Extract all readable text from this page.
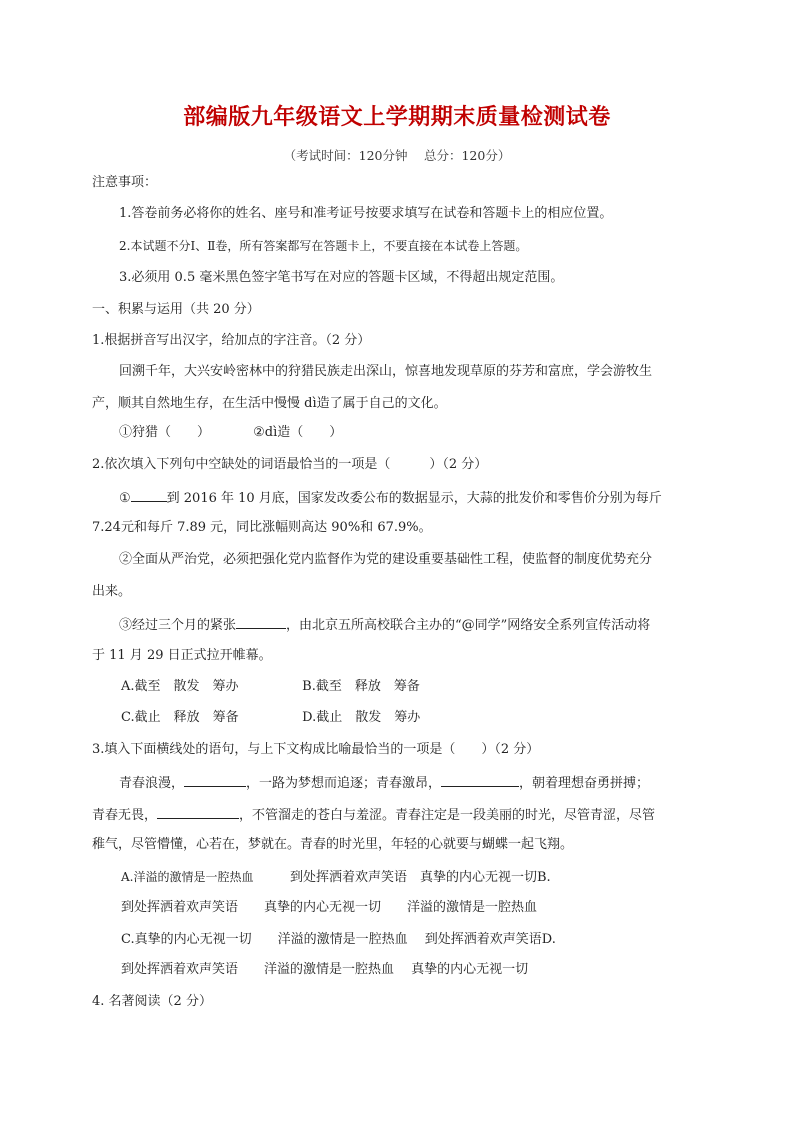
部编版九年级语文上学期期末质量检测试卷
（考试时间：120分钟　 总分：120分）
注意事项：
1.答卷前务必将你的姓名、座号和准考证号按要求填写在试卷和答题卡上的相应位置。
2.本试题不分Ⅰ、Ⅱ卷，所有答案都写在答题卡上，不要直接在本试卷上答题。
3.必须用 0.5 毫米黑色签字笔书写在对应的答题卡区域，不得超出规定范围。
一、积累与运用（共 20 分）
1.根据拼音写出汉字，给加点的字注音。（2 分）
回溯千年，大兴安岭密林中的狩猎民族走出深山，惊喜地发现草原的芬芳和富庶，学会游牧生
产，顺其自然地生存，在生活中慢慢 dì造了属于自己的文化。
①狩猎（　　）	②dì造（　　）
2.依次填入下列句中空缺处的词语最恰当的一项是（　　　）（2 分）
①	到 2016 年 10 月底，国家发改委公布的数据显示，大蒜的批发价和零售价分别为每斤
7.24元和每斤 7.89 元，同比涨幅则高达 90%和 67.9%。
②全面从严治党，必须把强化党内监督作为党的建设重要基础性工程，使监督的制度优势充分
出来。
③经过三个月的紧张	，由北京五所高校联合主办的“@同学”网络安全系列宣传活动将
于 11 月 29 日正式拉开帷幕。
A.截至　散发　筹办	B.截至　释放　筹备
C.截止　释放　筹备	D.截止　散发　筹办
3.填入下面横线处的语句，与上下文构成比喻最恰当的一项是（　　）（2 分）
青春浪漫，	，一路为梦想而追逐；青春激昂，	，朝着理想奋勇拼搏；
青春无畏，	，不管溜走的苍白与羞涩。青春注定是一段美丽的时光，尽管青涩，尽管
稚气，尽管懵懂，心若在，梦就在。青春的时光里，年轻的心就要与蝴蝶一起飞翔。
A.洋溢的激情是一腔热血	到处挥洒着欢声笑语　真挚的内心无视一切B.
到处挥洒着欢声笑语　　真挚的内心无视一切　　洋溢的激情是一腔热血
C.真挚的内心无视一切　　洋溢的激情是一腔热血　 到处挥洒着欢声笑语D.
到处挥洒着欢声笑语　　洋溢的激情是一腔热血　 真挚的内心无视一切
4. 名著阅读（2 分）
